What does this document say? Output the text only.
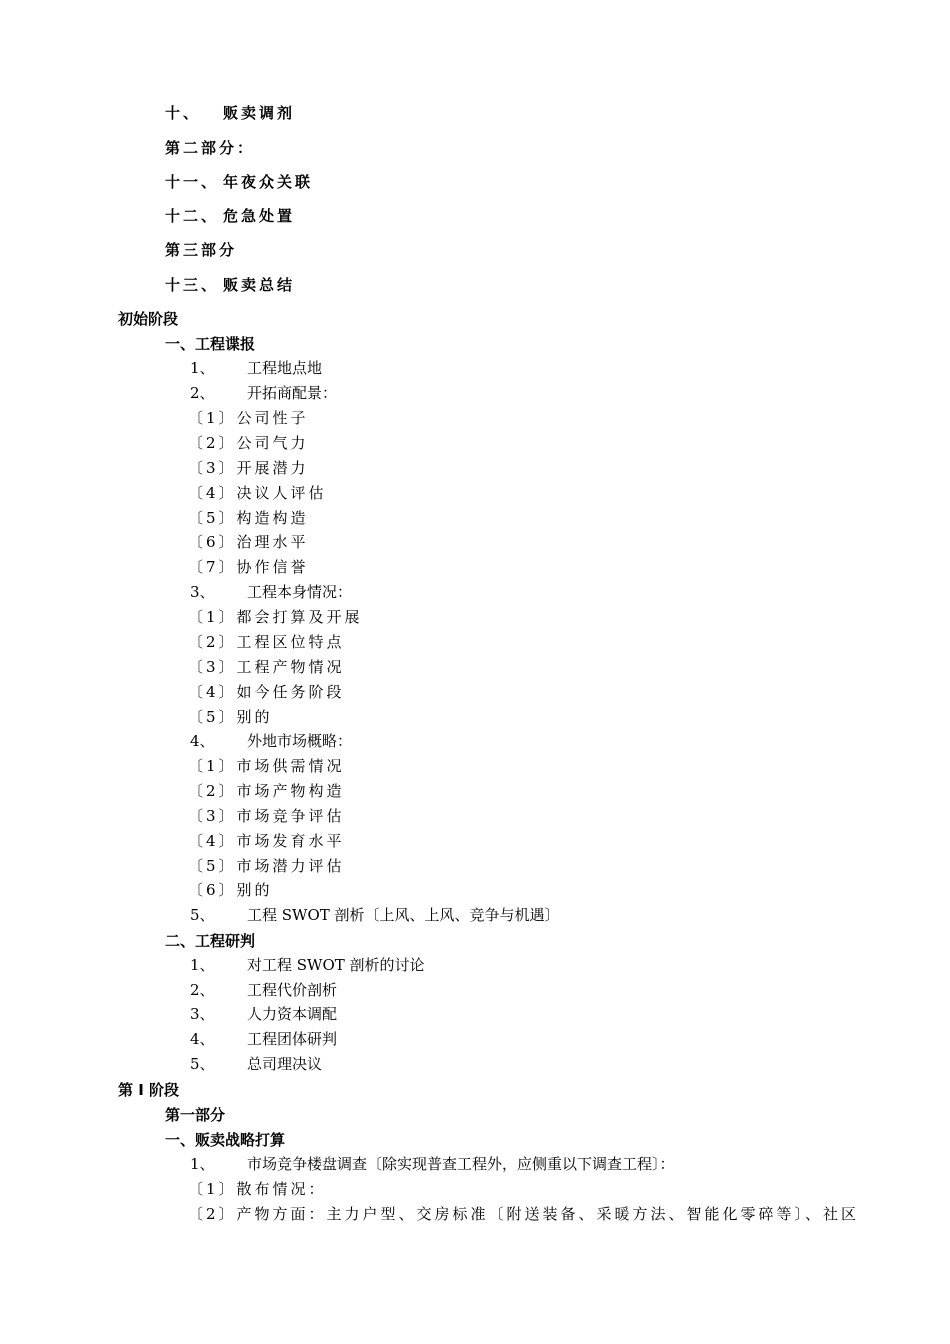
十、 贩卖调剂
第二部分：
十一、 年夜众关联
十二、 危急处置
第三部分
十三、 贩卖总结
初始阶段
一、工程谍报
1、 工程地点地
2、 开拓商配景：
〔1〕公司性子
〔2〕公司气力
〔3〕开展潜力
〔4〕决议人评估
〔5〕构造构造
〔6〕治理水平
〔7〕协作信誉
3、 工程本身情况：
〔1〕都会打算及开展
〔2〕工程区位特点
〔3〕工程产物情况
〔4〕如今任务阶段
〔5〕别的
4、 外地市场概略：
〔1〕市场供需情况
〔2〕市场产物构造
〔3〕市场竞争评估
〔4〕市场发育水平
〔5〕市场潜力评估
〔6〕别的
5、 工程 SWOT 剖析〔上风、上风、竞争与机遇〕
二、工程研判
1、 对工程 SWOT 剖析的讨论
2、 工程代价剖析
3、 人力资本调配
4、 工程团体研判
5、 总司理决议
第 I 阶段
第一部分
一、贩卖战略打算
1、 市场竞争楼盘调查〔除实现普查工程外，应侧重以下调查工程〕：
〔1〕散布情况：
〔2〕产物方面：主力户型、交房标准〔附送装备、采暖方法、智能化零碎等〕、社区
